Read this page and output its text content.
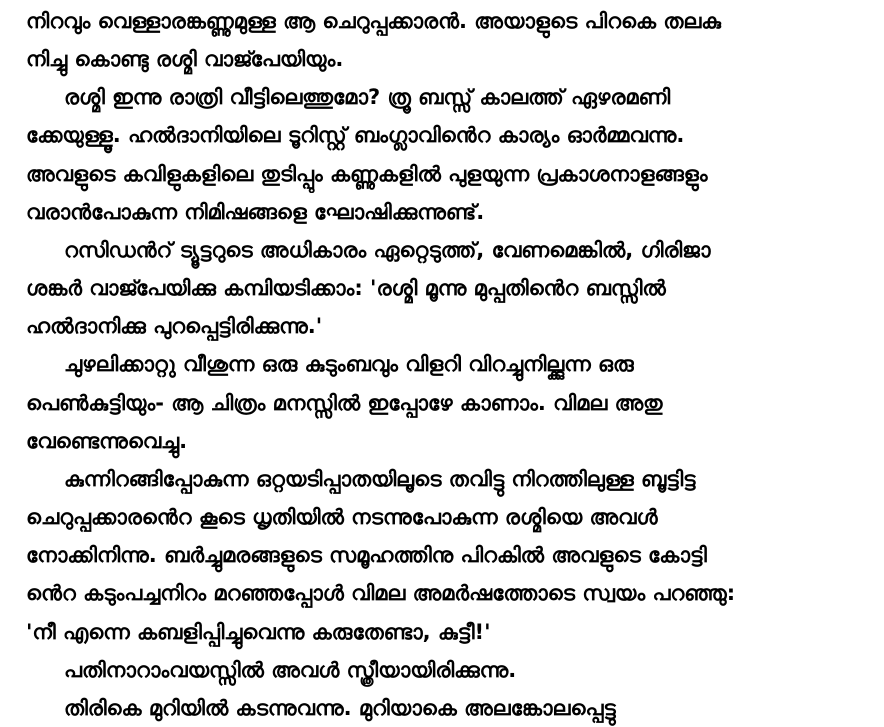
നിറവും വെള്ളാരങ്കണ്ണുമുള്ള ആ ചെറുപ്പക്കാരൻ. അയാളുടെ പിറകെ തലകു
നിച്ചു കൊണ്ടു രശ്മി വാജ്പേയിയും.
രശ്മി ഇന്നു രാത്രി വീട്ടിലെത്തുമോ? ത്രൂ ബസ്സ് കാലത്ത് ഏഴരമണി
ക്കേയുള്ളൂ. ഹൽദാനിയിലെ ടൂറിസ്റ്റ് ബംഗ്ലാവിൻെറ കാര്യം ഓർമ്മവന്നു.
അവളുടെ കവിളുകളിലെ തുടിപ്പും കണ്ണുകളിൽ പുളയുന്ന പ്രകാശനാളങ്ങളും
വരാൻപോകുന്ന നിമിഷങ്ങളെ ഘോഷിക്കുന്നുണ്ട്.
റസിഡൻറ് ട്യൂട്ടറുടെ അധികാരം ഏറ്റെടുത്ത്, വേണമെങ്കിൽ, ഗിരിജാ
ശങ്കർ വാജ്പേയിക്കു കമ്പിയടിക്കാം: 'രശ്മി മൂന്നു മുപ്പതിൻെറ ബസ്സിൽ
ഹൽദാനിക്കു പുറപ്പെട്ടിരിക്കുന്നു.'
ചുഴലിക്കാറ്റു വീശുന്ന ഒരു കുടുംബവും വിളറി വിറച്ചുനില്ക്കുന്ന ഒരു
പെൺകുട്ടിയും- ആ ചിത്രം മനസ്സിൽ ഇപ്പോഴേ കാണാം. വിമല അതു
വേണ്ടെന്നുവെച്ചു.
കുന്നിറങ്ങിപ്പോകുന്ന ഒറ്റയടിപ്പാതയിലൂടെ തവിട്ടു നിറത്തിലുള്ള ബൂട്ടിട്ട
ചെറുപ്പക്കാരൻെറ കൂടെ ധൃതിയിൽ നടന്നുപോകുന്ന രശ്മിയെ അവൾ
നോക്കിനിന്നു. ബർച്ചുമരങ്ങളുടെ സമൂഹത്തിനു പിറകിൽ അവളുടെ കോട്ടി
ൻെറ കടുംപച്ചനിറം മറഞ്ഞപ്പോൾ വിമല അമർഷത്തോടെ സ്വയം പറഞ്ഞു:
'നീ എന്നെ കബളിപ്പിച്ചുവെന്നു കരുതേണ്ടാ, കുട്ടീ!'
പതിനാറാംവയസ്സിൽ അവൾ സ്ത്രീയായിരിക്കുന്നു.
തിരികെ മുറിയിൽ കടന്നുവന്നു. മുറിയാകെ അലങ്കോലപ്പെട്ടു
